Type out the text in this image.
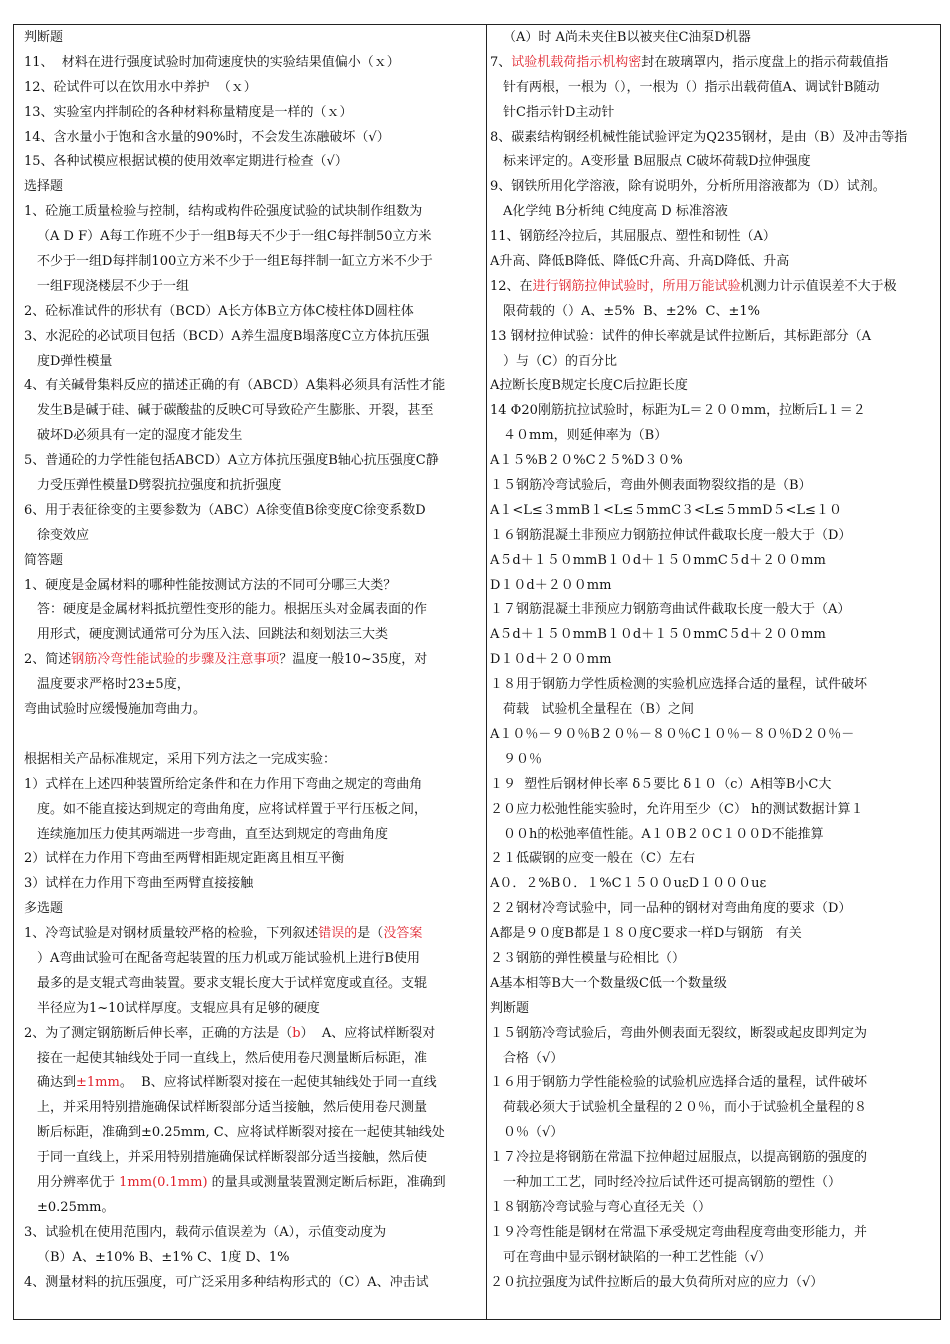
判断题
11、  材料在进行强度试验时加荷速度快的实验结果值偏小（ｘ）
12、砼试件可以在饮用水中养护  （ｘ）
13、实验室内拌制砼的各种材料称量精度是一样的（ｘ）
14、含水量小于饱和含水量的90%时，不会发生冻融破坏（√）
15、各种试模应根据试模的使用效率定期进行检查（√）
选择题
1、砼施工质量检验与控制，结构或构件砼强度试验的试块制作组数为
（A D F）A每工作班不少于一组B每天不少于一组C每拌制50立方米
不少于一组D每拌制100立方米不少于一组E每拌制一缸立方米不少于
一组F现浇楼层不少于一组
2、砼标准试件的形状有（BCD）A长方体B立方体C棱柱体D圆柱体
3、水泥砼的必试项目包括（BCD）A养生温度B塌落度C立方体抗压强
度D弹性模量
4、有关碱骨集料反应的描述正确的有（ABCD）A集料必须具有活性才能
发生B是碱于硅、碱于碳酸盐的反映C可导致砼产生膨胀、开裂，甚至
破坏D必须具有一定的湿度才能发生
5、普通砼的力学性能包括ABCD）A立方体抗压强度B轴心抗压强度C静
力受压弹性模量D劈裂抗拉强度和抗折强度
6、用于表征徐变的主要参数为（ABC）A徐变值B徐变度C徐变系数D
徐变效应
简答题
1、硬度是金属材料的哪种性能按测试方法的不同可分哪三大类？
答：硬度是金属材料抵抗塑性变形的能力。根据压头对金属表面的作
用形式，硬度测试通常可分为压入法、回跳法和刻划法三大类
2、简述钢筋冷弯性能试验的步骤及注意事项？温度一般10~35度，对
温度要求严格时23±5度，
弯曲试验时应缓慢施加弯曲力。
根据相关产品标准规定，采用下列方法之一完成实验：
1）式样在上述四种装置所给定条件和在力作用下弯曲之规定的弯曲角
度。如不能直接达到规定的弯曲角度，应将试样置于平行压板之间，
连续施加压力使其两端进一步弯曲，直至达到规定的弯曲角度
2）试样在力作用下弯曲至两臂相距规定距离且相互平衡
3）试样在力作用下弯曲至两臂直接接触
多选题
1、冷弯试验是对钢材质量较严格的检验，下列叙述错误的是（没答案
）A弯曲试验可在配备弯起装置的压力机或万能试验机上进行B使用
最多的是支辊式弯曲装置。要求支辊长度大于试样宽度或直径。支辊
半径应为1~10试样厚度。支辊应具有足够的硬度
2、为了测定钢筋断后伸长率，正确的方法是（b）  A、应将试样断裂对
接在一起使其轴线处于同一直线上，然后使用卷尺测量断后标距，准
确达到±1mm。  B、应将试样断裂对接在一起使其轴线处于同一直线
上，并采用特别措施确保试样断裂部分适当接触，然后使用卷尺测量
断后标距，准确到±0.25mm, C、应将试样断裂对接在一起使其轴线处
于同一直线上，并采用特别措施确保试样断裂部分适当接触，然后使
用分辨率优于 1mm(0.1mm) 的量具或测量装置测定断后标距，准确到
±0.25mm。
3、试验机在使用范围内，载荷示值误差为（A），示值变动度为
（B）A、±10% B、±1% C、1度 D、1%
4、测量材料的抗压强度，可广泛采用多种结构形式的（C）A、冲击试
（A）时 A尚未夹住B以被夹住C油泵D机器
7、试验机载荷指示机构密封在玻璃罩内，指示度盘上的指示荷载值指
针有两根，一根为（），一根为（）指示出载荷值A、调试针B随动
针C指示针D主动针
8、碳素结构钢经机械性能试验评定为Q235钢材，是由（B）及冲击等指
标来评定的。A变形量 B屈服点 C破坏荷载D拉伸强度
9、钢铁所用化学溶液，除有说明外，分析所用溶液都为（D）试剂。
A化学纯 B分析纯 C纯度高 D 标准溶液
11、钢筋经冷拉后，其屈服点、塑性和韧性（A）
A升高、降低B降低、降低C升高、升高D降低、升高
12、在进行钢筋拉伸试验时，所用万能试验机测力计示值误差不大于极
限荷载的（）A、±5%  B、±2%  C、±1%
13 钢材拉伸试验：试件的伸长率就是试件拉断后，其标距部分（A
）与（C）的百分比
A拉断长度B规定长度C后拉距长度
14 Φ20刚筋抗拉试验时，标距为L＝２００mm，拉断后L１＝２
４０mm，则延伸率为（B）
A１５%B２０%C２５%D３０%
１５钢筋冷弯试验后，弯曲外侧表面物裂纹指的是（B）
A１<L≤３mmB１<L≤５mmC３<L≤５mmD５<L≤１０
１６钢筋混凝土非预应力钢筋拉伸试件截取长度一般大于（D）
A５d＋１５０mmB１０d＋１５０mmC５d＋２００mm
D１０d＋２００mm
１７钢筋混凝土非预应力钢筋弯曲试件截取长度一般大于（A）
A５d＋１５０mmB１０d＋１５０mmC５d＋２００mm
D１０d＋２００mm
１８用于钢筋力学性质检测的实验机应选择合适的量程，试件破坏
荷载   试验机全量程在（B）之间
A１０％－９０％B２０％－８０％C１０％－８０％D２０％－
９０％
１９  塑性后钢材伸长率 δ５要比 δ１０（c）A相等B小C大
２０应力松弛性能实验时，允许用至少（C） h的测试数据计算１
００h的松弛率值性能。A１０B２０C１００D不能推算
２１低碳钢的应变一般在（C）左右
A０．２%B０．１%C１５００uεD１０００uε
２２钢材冷弯试验中，同一品种的钢材对弯曲角度的要求（D）
A都是９０度B都是１８０度C要求一样D与钢筋   有关
２３钢筋的弹性模量与砼相比（）
A基本相等B大一个数量级C低一个数量级
判断题
１５钢筋冷弯试验后，弯曲外侧表面无裂纹，断裂或起皮即判定为
合格（√）
１６用于钢筋力学性能检验的试验机应选择合适的量程，试件破坏
荷载必须大于试验机全量程的２０％，而小于试验机全量程的８
０％（√）
１７冷拉是将钢筋在常温下拉伸超过屈服点，以提高钢筋的强度的
一种加工工艺，同时经冷拉后试件还可提高钢筋的塑性（）
１８钢筋冷弯试验与弯心直径无关（）
１９冷弯性能是钢材在常温下承受规定弯曲程度弯曲变形能力，并
可在弯曲中显示钢材缺陷的一种工艺性能（√）
２０抗拉强度为试件拉断后的最大负荷所对应的应力（√）
